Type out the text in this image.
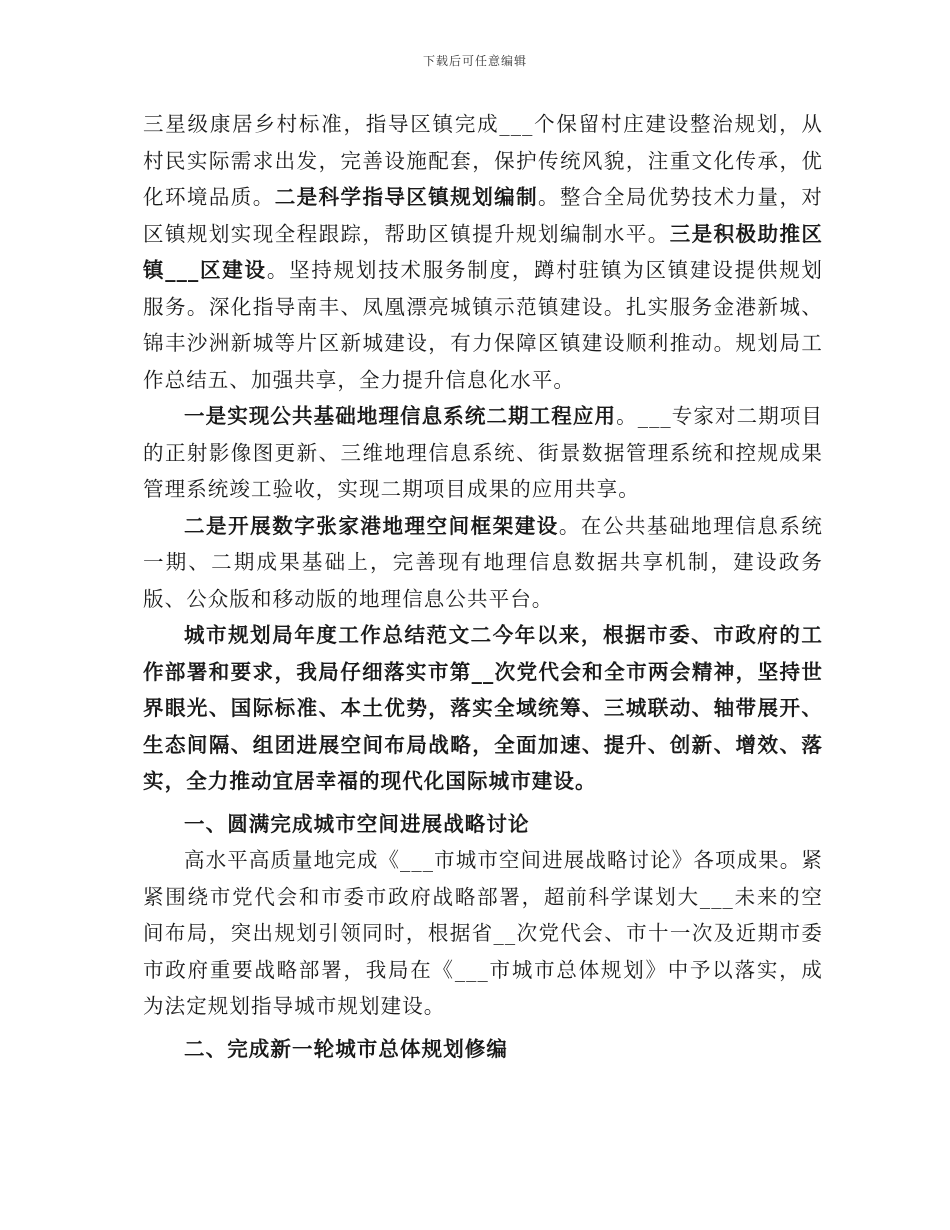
下载后可任意编辑

三星级康居乡村标准，指导区镇完成___个保留村庄建设整治规划，从村民实际需求出发，完善设施配套，保护传统风貌，注重文化传承，优化环境品质。二是科学指导区镇规划编制。整合全局优势技术力量，对区镇规划实现全程跟踪，帮助区镇提升规划编制水平。三是积极助推区镇___区建设。坚持规划技术服务制度，蹲村驻镇为区镇建设提供规划服务。深化指导南丰、凤凰漂亮城镇示范镇建设。扎实服务金港新城、锦丰沙洲新城等片区新城建设，有力保障区镇建设顺利推动。规划局工作总结五、加强共享，全力提升信息化水平。

一是实现公共基础地理信息系统二期工程应用。___专家对二期项目的正射影像图更新、三维地理信息系统、街景数据管理系统和控规成果管理系统竣工验收，实现二期项目成果的应用共享。

二是开展数字张家港地理空间框架建设。在公共基础地理信息系统一期、二期成果基础上，完善现有地理信息数据共享机制，建设政务版、公众版和移动版的地理信息公共平台。

城市规划局年度工作总结范文二今年以来，根据市委、市政府的工作部署和要求，我局仔细落实市第__次党代会和全市两会精神，坚持世界眼光、国际标准、本土优势，落实全域统筹、三城联动、轴带展开、生态间隔、组团进展空间布局战略，全面加速、提升、创新、增效、落实，全力推动宜居幸福的现代化国际城市建设。

一、圆满完成城市空间进展战略讨论

高水平高质量地完成《___市城市空间进展战略讨论》各项成果。紧紧围绕市党代会和市委市政府战略部署，超前科学谋划大___未来的空间布局，突出规划引领同时，根据省__次党代会、市十一次及近期市委市政府重要战略部署，我局在《___市城市总体规划》中予以落实，成为法定规划指导城市规划建设。

二、完成新一轮城市总体规划修编
